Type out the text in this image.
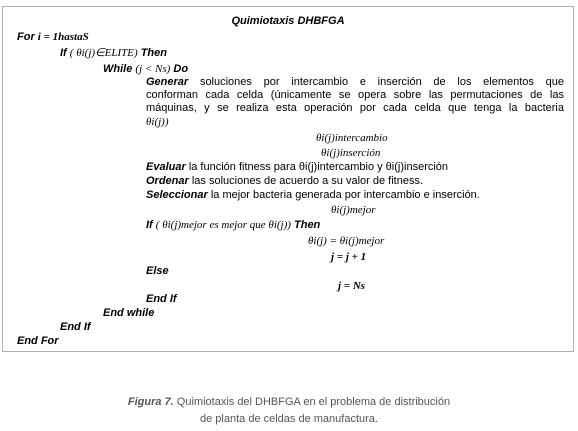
Quimiotaxis DHBFGA
For i = 1hastaS
If ( θi(j)∈ELITE) Then
While (j < Ns) Do
Generar soluciones por intercambio e inserción de los elementos que
conforman cada celda (únicamente se opera sobre las permutaciones de las
máquinas, y se realiza esta operación por cada celda que tenga la bacteria
θi(j))
θi(j)intercambio
θi(j)inserción
Evaluar la función fitness para θi(j)intercambio y θi(j)inserción
Ordenar las soluciones de acuerdo a su valor de fitness.
Seleccionar la mejor bacteria generada por intercambio e inserción.
θi(j)mejor
If ( θi(j)mejor es mejor que θi(j)) Then
θi(j) = θi(j)mejor
j = j + 1
Else
j = Ns
End If
End while
End If
End For
Figura 7. Quimiotaxis del DHBFGA en el problema de distribución
de planta de celdas de manufactura.
